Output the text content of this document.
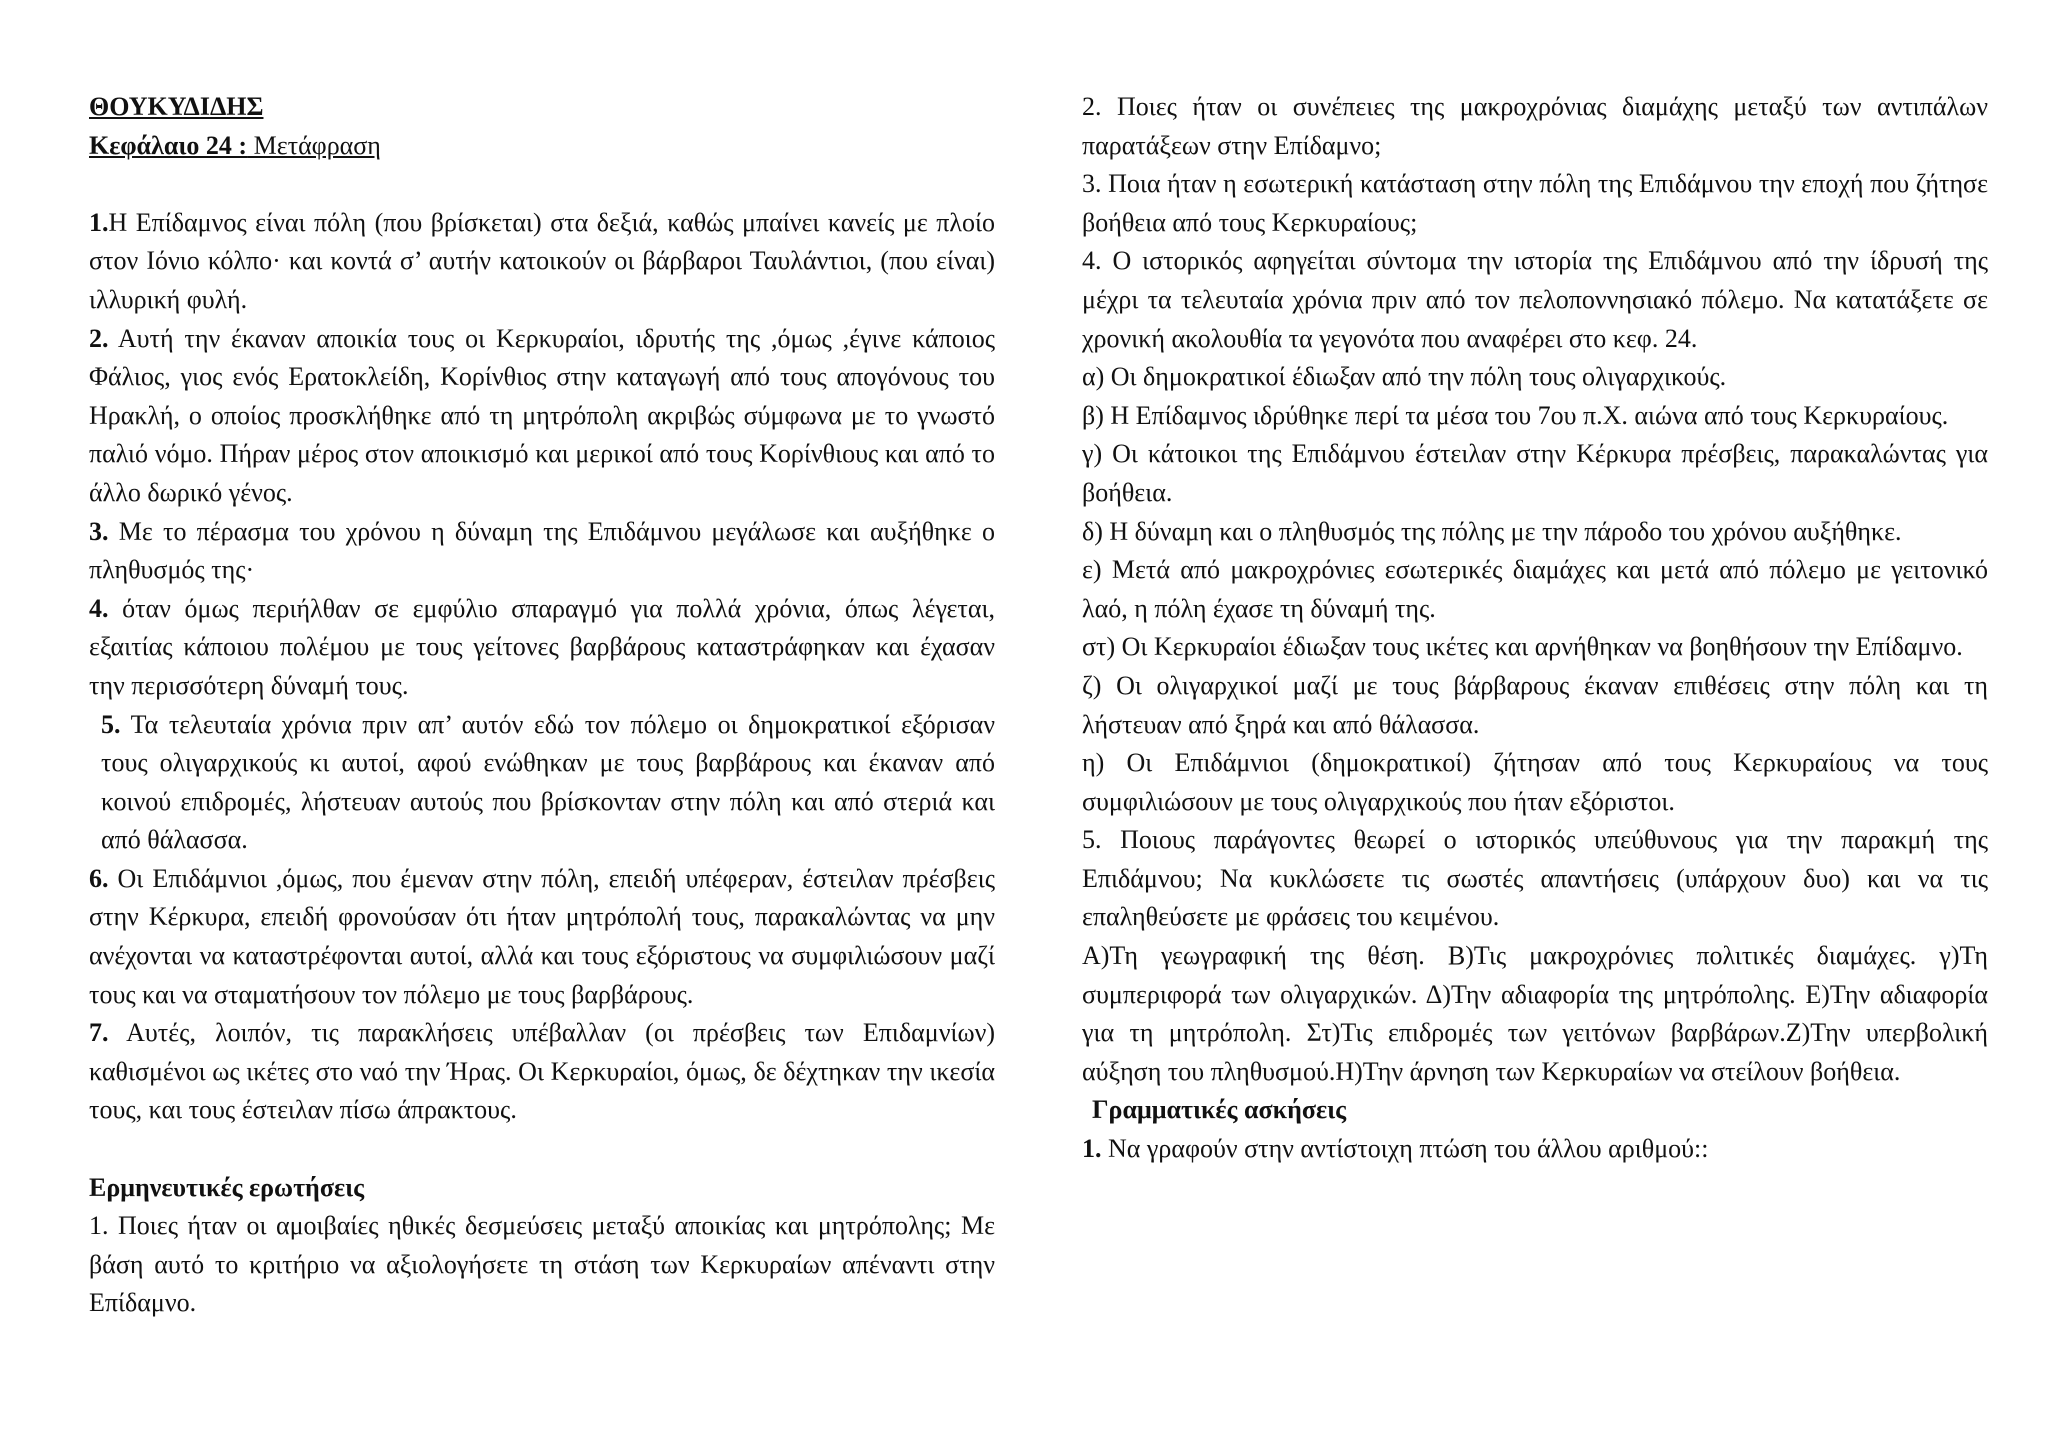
ΘΟΥΚΥΔΙΔΗΣ

Κεφάλαιο 24 : Μετάφραση

1.Η Επίδαμνος είναι πόλη (που βρίσκεται) στα δεξιά, καθώς μπαίνει κανείς με πλοίο στον Ιόνιο κόλπο· και κοντά σ’ αυτήν κατοικούν οι βάρβαροι Ταυλάντιοι, (που είναι) ιλλυρική φυλή.

2. Αυτή την έκαναν αποικία τους οι Κερκυραίοι, ιδρυτής της ,όμως ,έγινε κάποιος Φάλιος, γιος ενός Ερατοκλείδη, Κορίνθιος στην καταγωγή από τους απογόνους του Ηρακλή, ο οποίος προσκλήθηκε από τη μητρόπολη ακριβώς σύμφωνα με το γνωστό παλιό νόμο. Πήραν μέρος στον αποικισμό και μερικοί από τους Κορίνθιους και από το άλλο δωρικό γένος.

3. Με το πέρασμα του χρόνου η δύναμη της Επιδάμνου μεγάλωσε και αυξήθηκε ο πληθυσμός της·

4. όταν όμως περιήλθαν σε εμφύλιο σπαραγμό για πολλά χρόνια, όπως λέγεται, εξαιτίας κάποιου πολέμου με τους γείτονες βαρβάρους καταστράφηκαν και έχασαν την περισσότερη δύναμή τους.

5. Τα τελευταία χρόνια πριν απ’ αυτόν εδώ τον πόλεμο οι δημοκρατικοί εξόρισαν τους ολιγαρχικούς κι αυτοί, αφού ενώθηκαν με τους βαρβάρους και έκαναν από κοινού επιδρομές, λήστευαν αυτούς που βρίσκονταν στην πόλη και από στεριά και από θάλασσα.

6. Οι Επιδάμνιοι ,όμως, που έμεναν στην πόλη, επειδή υπέφεραν, έστειλαν πρέσβεις στην Κέρκυρα, επειδή φρονούσαν ότι ήταν μητρόπολή τους, παρακαλώντας να μην ανέχονται να καταστρέφονται αυτοί, αλλά και τους εξόριστους να συμφιλιώσουν μαζί τους και να σταματήσουν τον πόλεμο με τους βαρβάρους.

7. Αυτές, λοιπόν, τις παρακλήσεις υπέβαλλαν (οι πρέσβεις των Επιδαμνίων) καθισμένοι ως ικέτες στο ναό την Ήρας. Οι Κερκυραίοι, όμως, δε δέχτηκαν την ικεσία τους, και τους έστειλαν πίσω άπρακτους.

Ερμηνευτικές ερωτήσεις

1. Ποιες ήταν οι αμοιβαίες ηθικές δεσμεύσεις μεταξύ αποικίας και μητρόπολης; Με βάση αυτό το κριτήριο να αξιολογήσετε τη στάση των Κερκυραίων απέναντι στην Επίδαμνο.

2. Ποιες ήταν οι συνέπειες της μακροχρόνιας διαμάχης μεταξύ των αντιπάλων παρατάξεων στην Επίδαμνο;

3. Ποια ήταν η εσωτερική κατάσταση στην πόλη της Επιδάμνου την εποχή που ζήτησε βοήθεια από τους Κερκυραίους;

4. Ο ιστορικός αφηγείται σύντομα την ιστορία της Επιδάμνου από την ίδρυσή της μέχρι τα τελευταία χρόνια πριν από τον πελοποννησιακό πόλεμο. Να κατατάξετε σε χρονική ακολουθία τα γεγονότα που αναφέρει στο κεφ. 24.

α) Οι δημοκρατικοί έδιωξαν από την πόλη τους ολιγαρχικούς.

β) Η Επίδαμνος ιδρύθηκε περί τα μέσα του 7ου π.Χ. αιώνα από τους Κερκυραίους.

γ) Οι κάτοικοι της Επιδάμνου έστειλαν στην Κέρκυρα πρέσβεις, παρακαλώντας για βοήθεια.

δ) Η δύναμη και ο πληθυσμός της πόλης με την πάροδο του χρόνου αυξήθηκε.

ε) Μετά από μακροχρόνιες εσωτερικές διαμάχες και μετά από πόλεμο με γειτονικό λαό, η πόλη έχασε τη δύναμή της.

στ) Οι Κερκυραίοι έδιωξαν τους ικέτες και αρνήθηκαν να βοηθήσουν την Επίδαμνο.

ζ) Οι ολιγαρχικοί μαζί με τους βάρβαρους έκαναν επιθέσεις στην πόλη και τη λήστευαν από ξηρά και από θάλασσα.

η) Οι Επιδάμνιοι (δημοκρατικοί) ζήτησαν από τους Κερκυραίους να τους συμφιλιώσουν με τους ολιγαρχικούς που ήταν εξόριστοι.

5. Ποιους παράγοντες θεωρεί ο ιστορικός υπεύθυνους για την παρακμή της Επιδάμνου; Να κυκλώσετε τις σωστές απαντήσεις (υπάρχουν δυο) και να τις επαληθεύσετε με φράσεις του κειμένου.

Α)Τη γεωγραφική της θέση. Β)Τις μακροχρόνιες πολιτικές διαμάχες. γ)Τη συμπεριφορά των ολιγαρχικών. Δ)Την αδιαφορία της μητρόπολης. Ε)Την αδιαφορία για τη μητρόπολη. Στ)Τις επιδρομές των γειτόνων βαρβάρων.Ζ)Την υπερβολική αύξηση του πληθυσμού.Η)Την άρνηση των Κερκυραίων να στείλουν βοήθεια.

Γραμματικές ασκήσεις

1. Να γραφούν στην αντίστοιχη πτώση του άλλου αριθμού::
